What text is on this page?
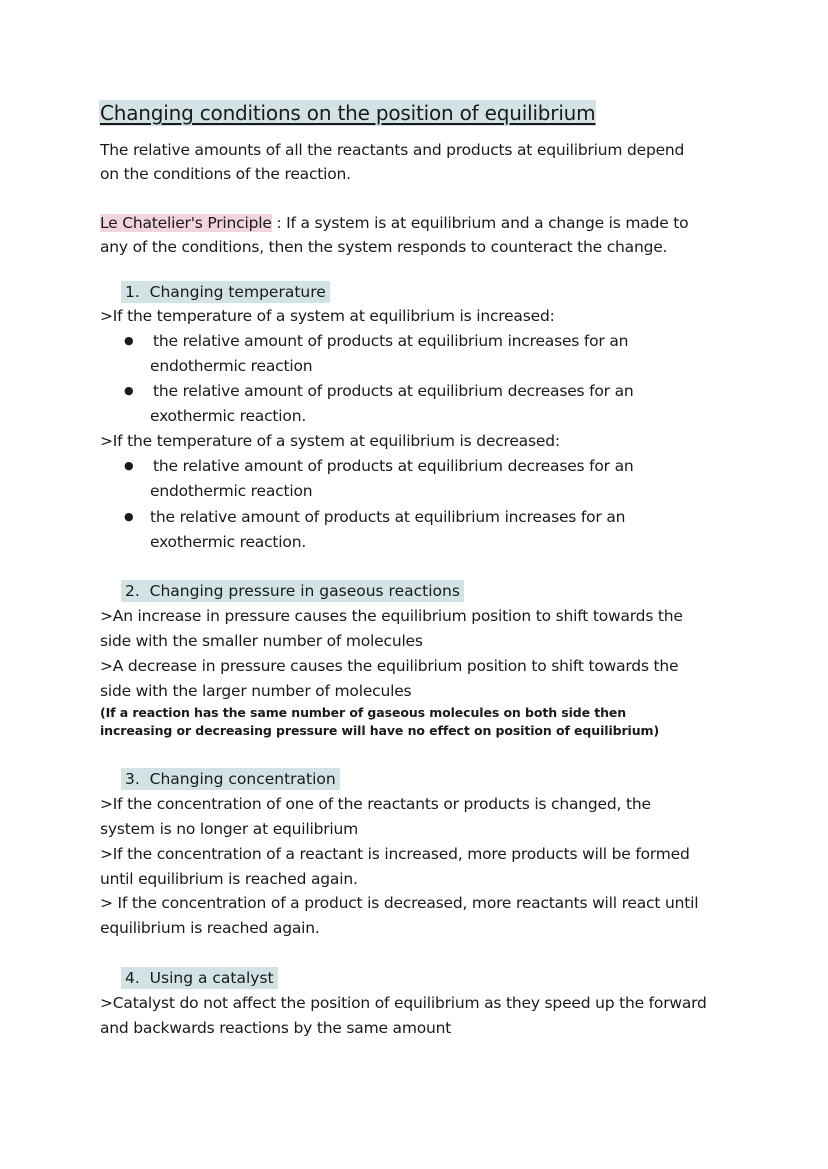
Changing conditions on the position of equilibrium
The relative amounts of all the reactants and products at equilibrium depend
on the conditions of the reaction.
Le Chatelier's Principle : If a system is at equilibrium and a change is made to
any of the conditions, then the system responds to counteract the change.
1. Changing temperature
>If the temperature of a system at equilibrium is increased:
● the relative amount of products at equilibrium increases for an
endothermic reaction
● the relative amount of products at equilibrium decreases for an
exothermic reaction.
>If the temperature of a system at equilibrium is decreased:
● the relative amount of products at equilibrium decreases for an
endothermic reaction
● the relative amount of products at equilibrium increases for an
exothermic reaction.
2. Changing pressure in gaseous reactions
>An increase in pressure causes the equilibrium position to shift towards the
side with the smaller number of molecules
>A decrease in pressure causes the equilibrium position to shift towards the
side with the larger number of molecules
(If a reaction has the same number of gaseous molecules on both side then
increasing or decreasing pressure will have no effect on position of equilibrium)
3. Changing concentration
>If the concentration of one of the reactants or products is changed, the
system is no longer at equilibrium
>If the concentration of a reactant is increased, more products will be formed
until equilibrium is reached again.
> If the concentration of a product is decreased, more reactants will react until
equilibrium is reached again.
4. Using a catalyst
>Catalyst do not affect the position of equilibrium as they speed up the forward
and backwards reactions by the same amount
